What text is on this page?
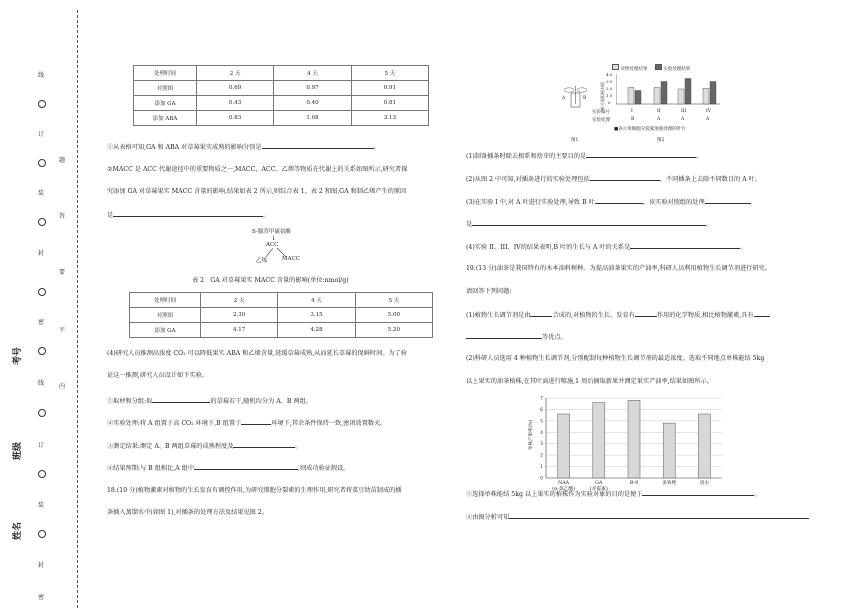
线
订
装
封
密
线
订
装
封
密
题
答
要
不
内
考号
班级
姓名
处理时间	2 天	4 天	5 天
对照组	0.69	0.97	0.91
添加 GA	0.43	0.40	0.81
添加 ABA	0.83	1.08	3.13
①从表格可知,GA 和 ABA 对草莓果实成熟的影响分别是	。
②MACC 是 ACC 代谢途径中的重要物质之一,MACC、ACC、乙烯等物质在代谢上的关系如图所示,研究者探
究添加 GA 对草莓果实 MACC 含量的影响,结果如表 2 所示,则综合表 1、表 2 和图,GA 和制乙烯产生的原因
是	。
S-腺苷甲硫氨酸
↓
ACC
乙烯	MACC
表 2　GA 对草莓果实 MACC 含量的影响(单位:nmol/g)
处理时间	2 天	4 天	5 天
对照组	2.30	3.15	5.00
添加 GA	4.17	4.28	5.20
(4)研究人员推测高浓度 CO₂ 可以降低果实 ABA 和乙烯含量,延缓草莓成熟,从而延长草莓的保鲜时间。为了验
证这一推测,研究人员设计如下实验。
①取材和分组:取	的草莓若干,随机均分为 A、B 两组。
②实验处理:将 A 组置于高 CO₂ 环境下,B 组置于	环境下,其余条件保持一致,密闭放置数天。
③测定结果:测定 A、B 两组草莓的成熟程度及	。
④结果预期:与 B 组相比,A 组中	,则成功验证假设。
18.(10 分)植物激素对植物的生长发育有调控作用,为研究细胞分裂素的生理作用,研究者将菜豆幼苗制成的插
条插入蒸馏水中(如图 1),对插条的处理方法及结果见图 2。
A	B
图1
对照处理结果	实验处理结果
叶片面积相对值
4.0
3.0
2.0
1.0
0
I	II	III	IV
实验编号
实验处理	B	A	A	A
■表示用细胞分裂素溶液处理的叶片
图2
(1)制备插条时除去根系和幼芽的主要目的是	。
(2)从图 2 中可知,对插条进行的实验处理包括	、不同插条上去除不同数目的 A 叶。
(3)在实验 I 中,对 A 叶进行实验处理,导致 B 叶	。该实验对照组的处理
是	。
(4)实验 II、III、IV的结果表明,B 叶的生长与 A 叶的关系是	。
19.(13 分)油茶是我国特有的木本油料树种。为提高油茶果实的产油率,科研人员利用植物生长调节剂进行研究。
请回答下列问题:
(1)植物生长调节剂是由	合成的,对植物的生长、发育有	作用的化学物质,相比植物激素,具有
等优点。
(2)科研人员选用 4 种植物生长调节剂,分别配制每种植物生长调节剂的最适浓度。选取不同地点单株能结 5kg
以上果实的油茶植株,在其叶面进行喷施,1 周后摘取新果并测定果实产油率,结果如图所示。
单株产果率(%)
0
1
2
3
4
5
6
7
NAA
(α-萘乙酸)
GA
(赤霉素)
B-9	多效唑	清水
①选择单株能结 5kg 以上果实的植株作为实验对象的目的是便于	。
②由图分析可知
